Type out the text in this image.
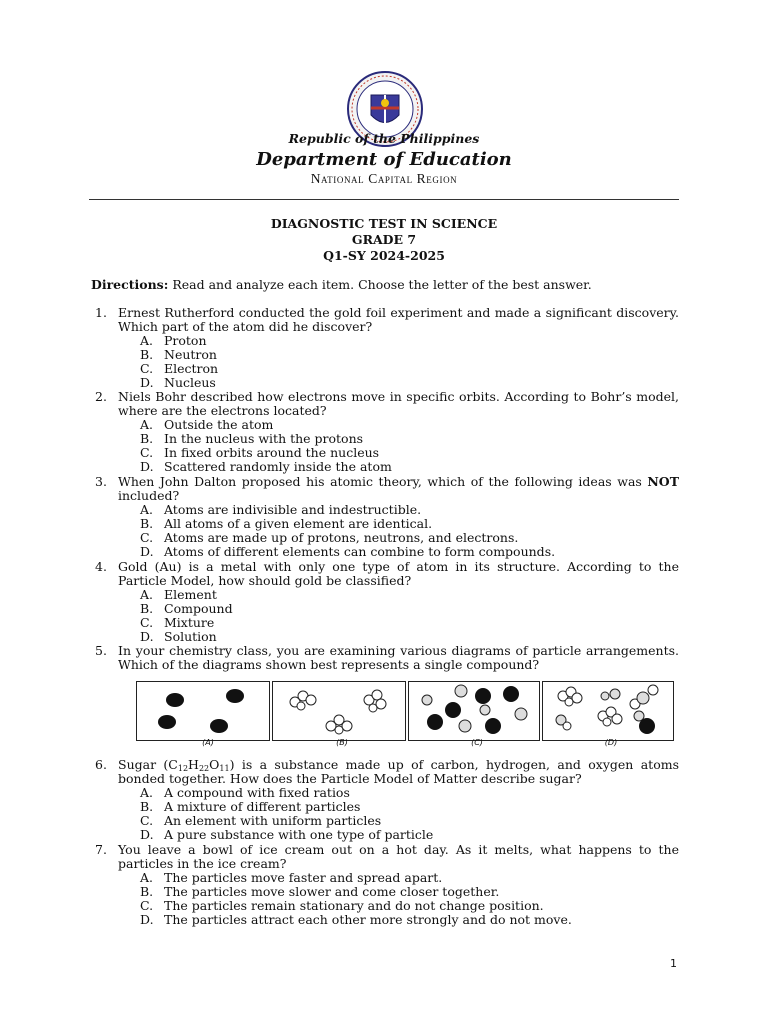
Republic of the Philippines
Department of Education
National Capital Region
DIAGNOSTIC TEST IN SCIENCE
GRADE 7
Q1-SY 2024-2025
Directions: Read and analyze each item. Choose the letter of the best answer.
1. Ernest Rutherford conducted the gold foil experiment and made a significant discovery. Which part of the atom did he discover?
A. Proton
B. Neutron
C. Electron
D. Nucleus
2. Niels Bohr described how electrons move in specific orbits. According to Bohr’s model, where are the electrons located?
A. Outside the atom
B. In the nucleus with the protons
C. In fixed orbits around the nucleus
D. Scattered randomly inside the atom
3. When John Dalton proposed his atomic theory, which of the following ideas was NOT included?
A. Atoms are indivisible and indestructible.
B. All atoms of a given element are identical.
C. Atoms are made up of protons, neutrons, and electrons.
D. Atoms of different elements can combine to form compounds.
4. Gold (Au) is a metal with only one type of atom in its structure. According to the Particle Model, how should gold be classified?
A. Element
B. Compound
C. Mixture
D. Solution
5. In your chemistry class, you are examining various diagrams of particle arrangements. Which of the diagrams shown best represents a single compound?
(A)	(B)	(C)	(D)
6. Sugar $(C_{12}H_{22}O_{11})$ is a substance made up of carbon, hydrogen, and oxygen atoms bonded together. How does the Particle Model of Matter describe sugar?
A. A compound with fixed ratios
B. A mixture of different particles
C. An element with uniform particles
D. A pure substance with one type of particle
7. You leave a bowl of ice cream out on a hot day. As it melts, what happens to the particles in the ice cream?
A. The particles move faster and spread apart.
B. The particles move slower and come closer together.
C. The particles remain stationary and do not change position.
D. The particles attract each other more strongly and do not move.
1
